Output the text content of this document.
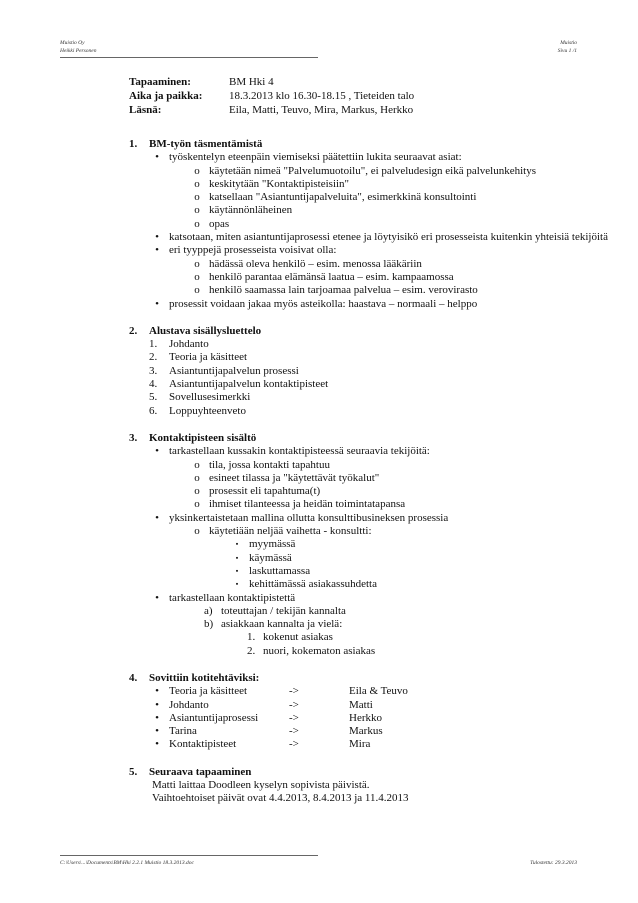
Muistio Oy
Heikki Personen
Muistio
Sivu 1 /1
Tapaaminen:	BM Hki 4
Aika ja paikka:	18.3.2013 klo 16.30-18.15 , Tieteiden talo
Läsnä:	Eila, Matti, Teuvo, Mira, Markus, Herkko
1.	BM-työn täsmentämistä
• työskentelyn eteenpäin viemiseksi päätettiin lukita seuraavat asiat:
o käytetään nimeä "Palvelumuotoilu", ei palveludesign eikä palvelunkehitys
o keskitytään "Kontaktipisteisiin"
o katsellaan "Asiantuntijapalveluita", esimerkkinä konsultointi
o käytännönläheinen
o opas
• katsotaan, miten asiantuntijaprosessi etenee ja löytyisikö eri prosesseista kuitenkin yhteisiä tekijöitä
• eri tyyppejä prosesseista voisivat olla:
o hädässä oleva henkilö – esim. menossa lääkäriin
o henkilö parantaa elämänsä laatua – esim. kampaamossa
o henkilö saamassa lain tarjoamaa palvelua – esim. verovirasto
• prosessit voidaan jakaa myös asteikolla: haastava – normaali – helppo
2.	Alustava sisällysluettelo
1.	Johdanto
2.	Teoria ja käsitteet
3.	Asiantuntijapalvelun prosessi
4.	Asiantuntijapalvelun kontaktipisteet
5.	Sovellusesimerkki
6.	Loppuyhteenveto
3.	Kontaktipisteen sisältö
• tarkastellaan kussakin kontaktipisteessä seuraavia tekijöitä:
o tila, jossa kontakti tapahtuu
o esineet tilassa ja "käytettävät työkalut"
o prosessit eli tapahtuma(t)
o ihmiset tilanteessa ja heidän toimintatapansa
• yksinkertaistetaan mallina ollutta konsulttibusineksen prosessia
o käytetiään neljää vaihetta - konsultti:
▪ myymässä
▪ käymässä
▪ laskuttamassa
▪ kehittämässä asiakassuhdetta
• tarkastellaan kontaktipistettä
a) toteuttajan / tekijän kannalta
b) asiakkaan kannalta ja vielä:
1. kokenut asiakas
2. nuori, kokematon asiakas
4.	Sovittiin kotitehtäviksi:
• Teoria ja käsitteet	->	Eila & Teuvo
• Johdanto	->	Matti
• Asiantuntijaprosessi	->	Herkko
• Tarina	->	Markus
• Kontaktipisteet	->	Mira
5.	Seuraava tapaaminen
Matti laittaa Doodleen kyselyn sopivista päivistä.
Vaihtoehtoiset päivät ovat 4.4.2013, 8.4.2013 ja 11.4.2013
C:\Users\...\Documents\BM\Hki 2.2.1 Muistio 18.3.2013.doc	Tulostettu: 29.3.2013
